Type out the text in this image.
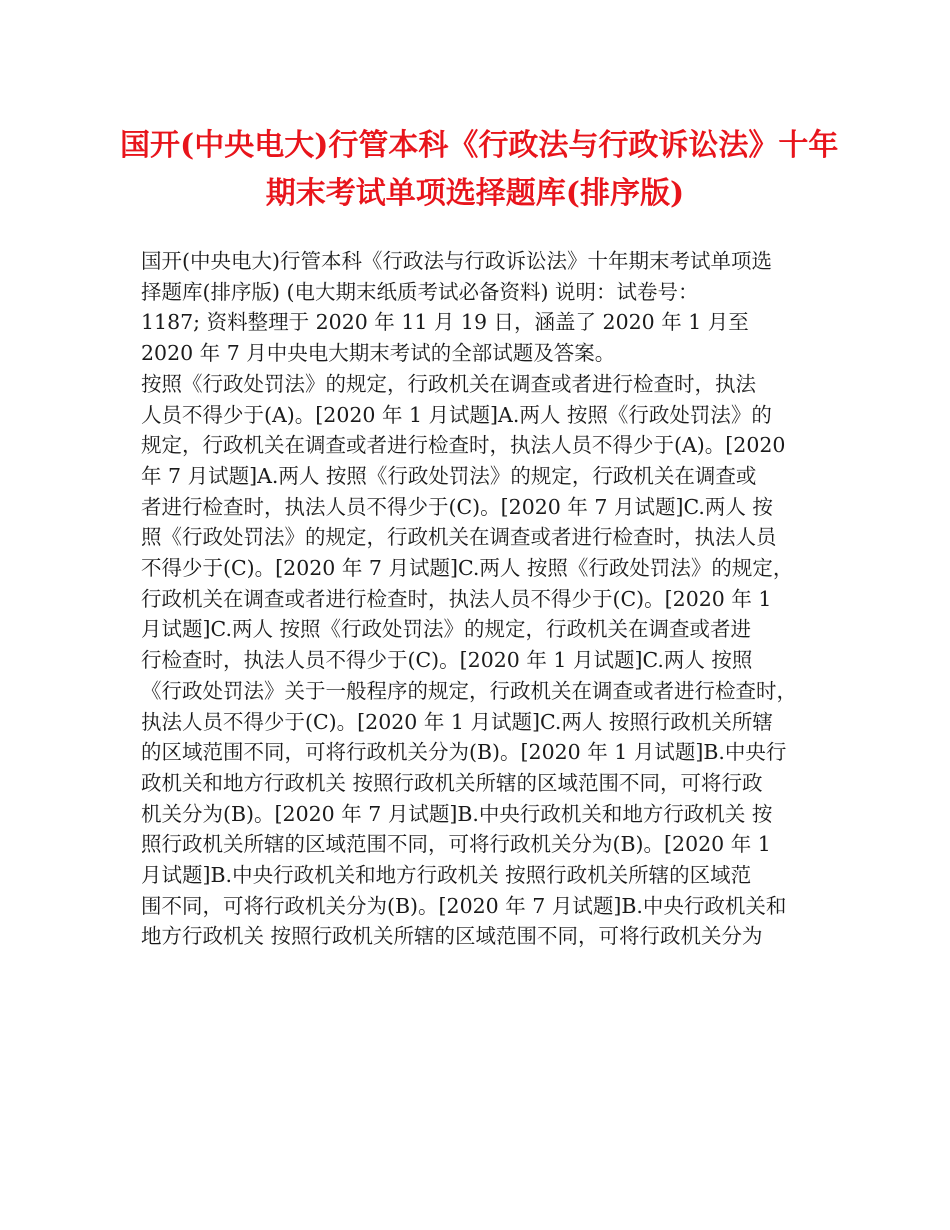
国开(中央电大)行管本科《行政法与行政诉讼法》十年
期末考试单项选择题库(排序版)
国开(中央电大)行管本科《行政法与行政诉讼法》十年期末考试单项选
择题库(排序版) (电大期末纸质考试必备资料) 说明：试卷号：
1187; 资料整理于 2020 年 11 月 19 日，涵盖了 2020 年 1 月至
2020 年 7 月中央电大期末考试的全部试题及答案。
按照《行政处罚法》的规定，行政机关在调查或者进行检查时，执法
人员不得少于(A)。[2020 年 1 月试题]A.两人 按照《行政处罚法》的
规定，行政机关在调查或者进行检查时，执法人员不得少于(A)。[2020
年 7 月试题]A.两人 按照《行政处罚法》的规定，行政机关在调查或
者进行检查时，执法人员不得少于(C)。[2020 年 7 月试题]C.两人 按
照《行政处罚法》的规定，行政机关在调查或者进行检查时，执法人员
不得少于(C)。[2020 年 7 月试题]C.两人 按照《行政处罚法》的规定，
行政机关在调查或者进行检查时，执法人员不得少于(C)。[2020 年 1
月试题]C.两人 按照《行政处罚法》的规定，行政机关在调查或者进
行检查时，执法人员不得少于(C)。[2020 年 1 月试题]C.两人 按照
《行政处罚法》关于一般程序的规定，行政机关在调查或者进行检查时，
执法人员不得少于(C)。[2020 年 1 月试题]C.两人 按照行政机关所辖
的区域范围不同，可将行政机关分为(B)。[2020 年 1 月试题]B.中央行
政机关和地方行政机关 按照行政机关所辖的区域范围不同，可将行政
机关分为(B)。[2020 年 7 月试题]B.中央行政机关和地方行政机关 按
照行政机关所辖的区域范围不同，可将行政机关分为(B)。[2020 年 1
月试题]B.中央行政机关和地方行政机关 按照行政机关所辖的区域范
围不同，可将行政机关分为(B)。[2020 年 7 月试题]B.中央行政机关和
地方行政机关 按照行政机关所辖的区域范围不同，可将行政机关分为
